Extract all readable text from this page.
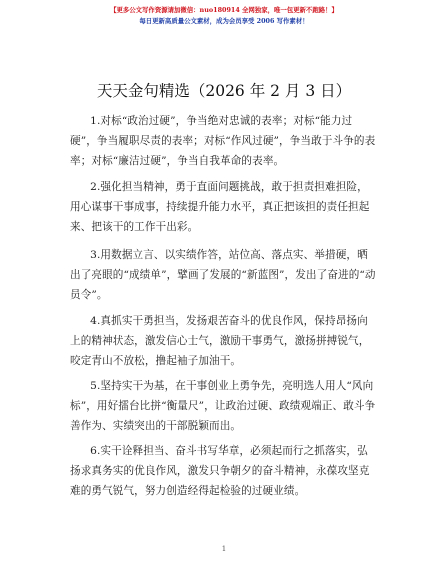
【更多公文写作资源请加微信：nuo180914 全网独家，唯一包更新不跑路！】
每日更新高质量公文素材，成为会员享受 2006 写作素材！
天天金句精选（2026 年 2 月 3 日）
1.对标“政治过硬”，争当绝对忠诚的表率；对标“能力过硬”，争当履职尽责的表率；对标“作风过硬”，争当敢于斗争的表率；对标“廉洁过硬”，争当自我革命的表率。
2.强化担当精神，勇于直面问题挑战，敢于担责担难担险，用心谋事干事成事，持续提升能力水平，真正把该担的责任担起来、把该干的工作干出彩。
3.用数据立言、以实绩作答，站位高、落点实、举措硬，晒出了亮眼的“成绩单”，擘画了发展的“新蓝图”，发出了奋进的“动员令”。
4.真抓实干勇担当，发扬艰苦奋斗的优良作风，保持昂扬向上的精神状态，激发信心士气，激励干事勇气，激扬拼搏锐气，咬定青山不放松，撸起袖子加油干。
5.坚持实干为基，在干事创业上勇争先，亮明选人用人“风向标”，用好擂台比拼“衡量尺”，让政治过硬、政绩观端正、敢斗争善作为、实绩突出的干部脱颖而出。
6.实干诠释担当、奋斗书写华章，必须起而行之抓落实，弘扬求真务实的优良作风，激发只争朝夕的奋斗精神，永葆攻坚克难的勇气锐气，努力创造经得起检验的过硬业绩。
1
